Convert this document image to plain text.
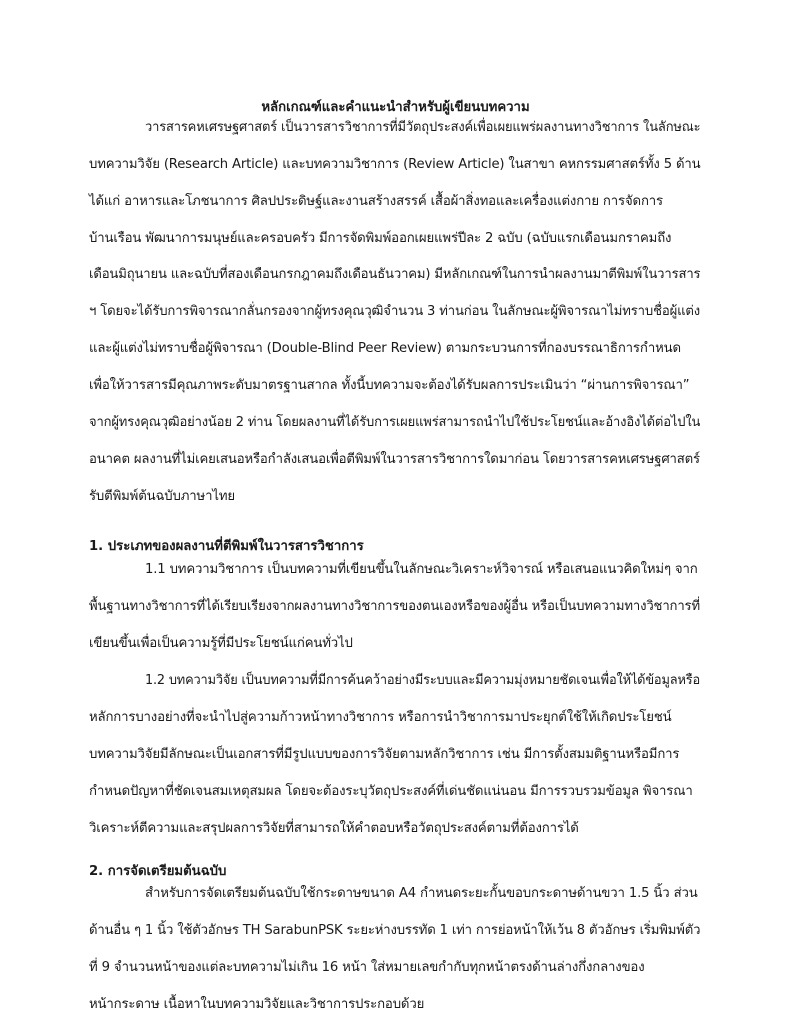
หลักเกณฑ์และคำแนะนำสำหรับผู้เขียนบทความ
วารสารคหเศรษฐศาสตร์ เป็นวารสารวิชาการที่มีวัตถุประสงค์เพื่อเผยแพร่ผลงานทางวิชาการ ในลักษณะ
บทความวิจัย (Research Article) และบทความวิชาการ (Review Article) ในสาขา คหกรรมศาสตร์ทั้ง 5 ด้าน
ได้แก่ อาหารและโภชนาการ ศิลปประดิษฐ์และงานสร้างสรรค์ เสื้อผ้าสิ่งทอและเครื่องแต่งกาย การจัดการ
บ้านเรือน พัฒนาการมนุษย์และครอบครัว มีการจัดพิมพ์ออกเผยแพร่ปีละ 2 ฉบับ (ฉบับแรกเดือนมกราคมถึง
เดือนมิถุนายน และฉบับที่สองเดือนกรกฎาคมถึงเดือนธันวาคม) มีหลักเกณฑ์ในการนำผลงานมาตีพิมพ์ในวารสาร
ฯ โดยจะได้รับการพิจารณากลั่นกรองจากผู้ทรงคุณวุฒิจำนวน 3 ท่านก่อน ในลักษณะผู้พิจารณาไม่ทราบชื่อผู้แต่ง
และผู้แต่งไม่ทราบชื่อผู้พิจารณา (Double-Blind Peer Review) ตามกระบวนการที่กองบรรณาธิการกำหนด
เพื่อให้วารสารมีคุณภาพระดับมาตรฐานสากล ทั้งนี้บทความจะต้องได้รับผลการประเมินว่า “ผ่านการพิจารณา”
จากผู้ทรงคุณวุฒิอย่างน้อย 2 ท่าน โดยผลงานที่ได้รับการเผยแพร่สามารถนำไปใช้ประโยชน์และอ้างอิงได้ต่อไปใน
อนาคต ผลงานที่ไม่เคยเสนอหรือกำลังเสนอเพื่อตีพิมพ์ในวารสารวิชาการใดมาก่อน โดยวารสารคหเศรษฐศาสตร์
รับตีพิมพ์ต้นฉบับภาษาไทย
1. ประเภทของผลงานที่ตีพิมพ์ในวารสารวิชาการ
1.1 บทความวิชาการ เป็นบทความที่เขียนขึ้นในลักษณะวิเคราะห์วิจารณ์ หรือเสนอแนวคิดใหม่ๆ จาก
พื้นฐานทางวิชาการที่ได้เรียบเรียงจากผลงานทางวิชาการของตนเองหรือของผู้อื่น หรือเป็นบทความทางวิชาการที่
เขียนขึ้นเพื่อเป็นความรู้ที่มีประโยชน์แก่คนทั่วไป
1.2 บทความวิจัย เป็นบทความที่มีการค้นคว้าอย่างมีระบบและมีความมุ่งหมายชัดเจนเพื่อให้ได้ข้อมูลหรือ
หลักการบางอย่างที่จะนำไปสู่ความก้าวหน้าทางวิชาการ หรือการนำวิชาการมาประยุกต์ใช้ให้เกิดประโยชน์
บทความวิจัยมีลักษณะเป็นเอกสารที่มีรูปแบบของการวิจัยตามหลักวิชาการ เช่น มีการตั้งสมมติฐานหรือมีการ
กำหนดปัญหาที่ชัดเจนสมเหตุสมผล โดยจะต้องระบุวัตถุประสงค์ที่เด่นชัดแน่นอน มีการรวบรวมข้อมูล พิจารณา
วิเคราะห์ตีความและสรุปผลการวิจัยที่สามารถให้คำตอบหรือวัตถุประสงค์ตามที่ต้องการได้
2. การจัดเตรียมต้นฉบับ
สำหรับการจัดเตรียมต้นฉบับใช้กระดาษขนาด A4 กำหนดระยะกั้นขอบกระดาษด้านขวา 1.5 นิ้ว ส่วน
ด้านอื่น ๆ 1 นิ้ว ใช้ตัวอักษร TH SarabunPSK ระยะห่างบรรทัด 1 เท่า การย่อหน้าให้เว้น 8 ตัวอักษร เริ่มพิมพ์ตัว
ที่ 9 จำนวนหน้าของแต่ละบทความไม่เกิน 16 หน้า ใส่หมายเลขกำกับทุกหน้าตรงด้านล่างกึ่งกลางของ
หน้ากระดาษ เนื้อหาในบทความวิจัยและวิชาการประกอบด้วย
